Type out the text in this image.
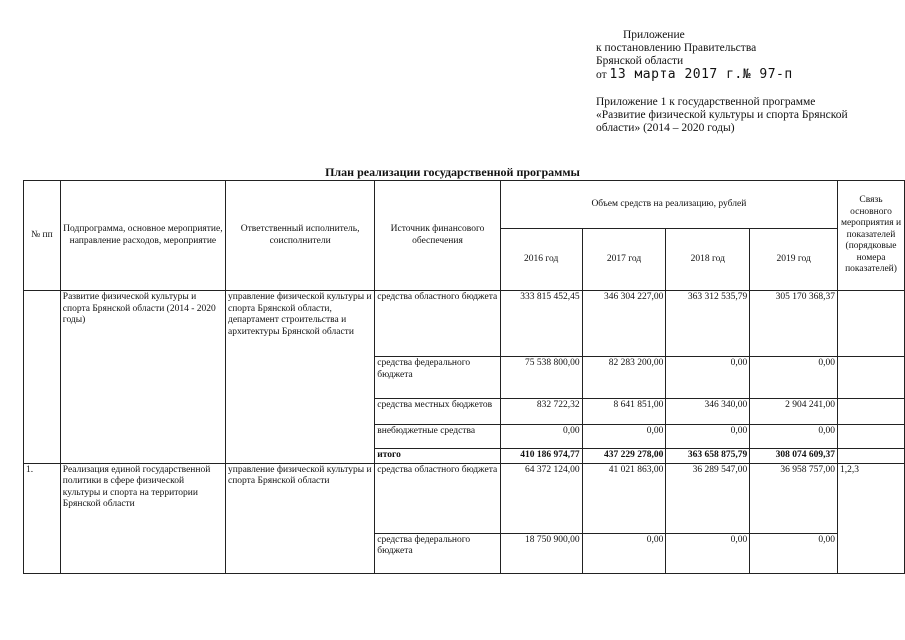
Приложение
к постановлению Правительства
Брянской области
от 13 марта 2017 г.№ 97-п
Приложение 1 к государственной программе
«Развитие физической культуры и спорта Брянской
области» (2014 – 2020 годы)
План реализации государственной программы
№ пп	Подпрограмма, основное мероприятие, направление расходов, мероприятие	Ответственный исполнитель, соисполнители	Источник финансового обеспечения	Объем средств на реализацию, рублей				Связь основного мероприятия и показателей (порядковые номера показателей)
				2016 год	2017 год	2018 год	2019 год	
	Развитие физической культуры и спорта Брянской области (2014 - 2020 годы)	управление физической культуры и спорта Брянской области, департамент строительства и архитектуры Брянской области	средства областного бюджета	333 815 452,45	346 304 227,00	363 312 535,79	305 170 368,37	
			средства федерального бюджета	75 538 800,00	82 283 200,00	0,00	0,00	
			средства местных бюджетов	832 722,32	8 641 851,00	346 340,00	2 904 241,00	
			внебюджетные средства	0,00	0,00	0,00	0,00	
			итого	410 186 974,77	437 229 278,00	363 658 875,79	308 074 609,37	
1.	Реализация единой государственной политики в сфере физической культуры и спорта на территории Брянской области	управление физической культуры и спорта Брянской области	средства областного бюджета	64 372 124,00	41 021 863,00	36 289 547,00	36 958 757,00	1,2,3
			средства федерального бюджета	18 750 900,00	0,00	0,00	0,00	
